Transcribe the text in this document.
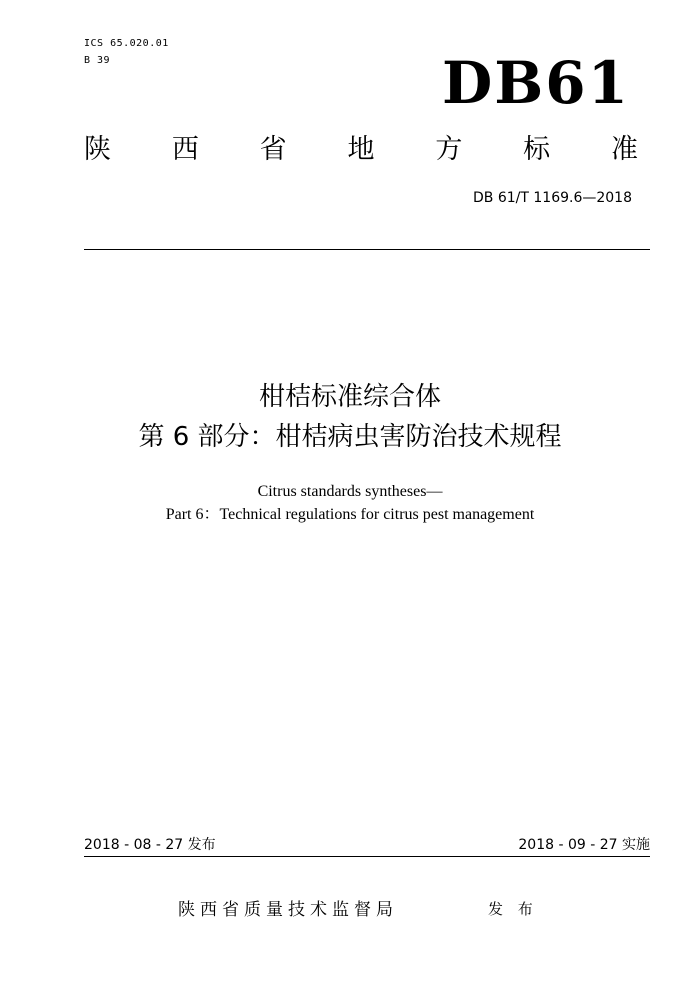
ICS 65.020.01
B 39	DB61
陕 西 省 地 方 标 准
DB 61/T 1169.6—2018
柑桔标准综合体
第 6 部分：柑桔病虫害防治技术规程
Citrus standards syntheses—
Part 6：Technical regulations for citrus pest management
2018 - 08 - 27 发布	2018 - 09 - 27 实施
陕西省质量技术监督局	发 布
